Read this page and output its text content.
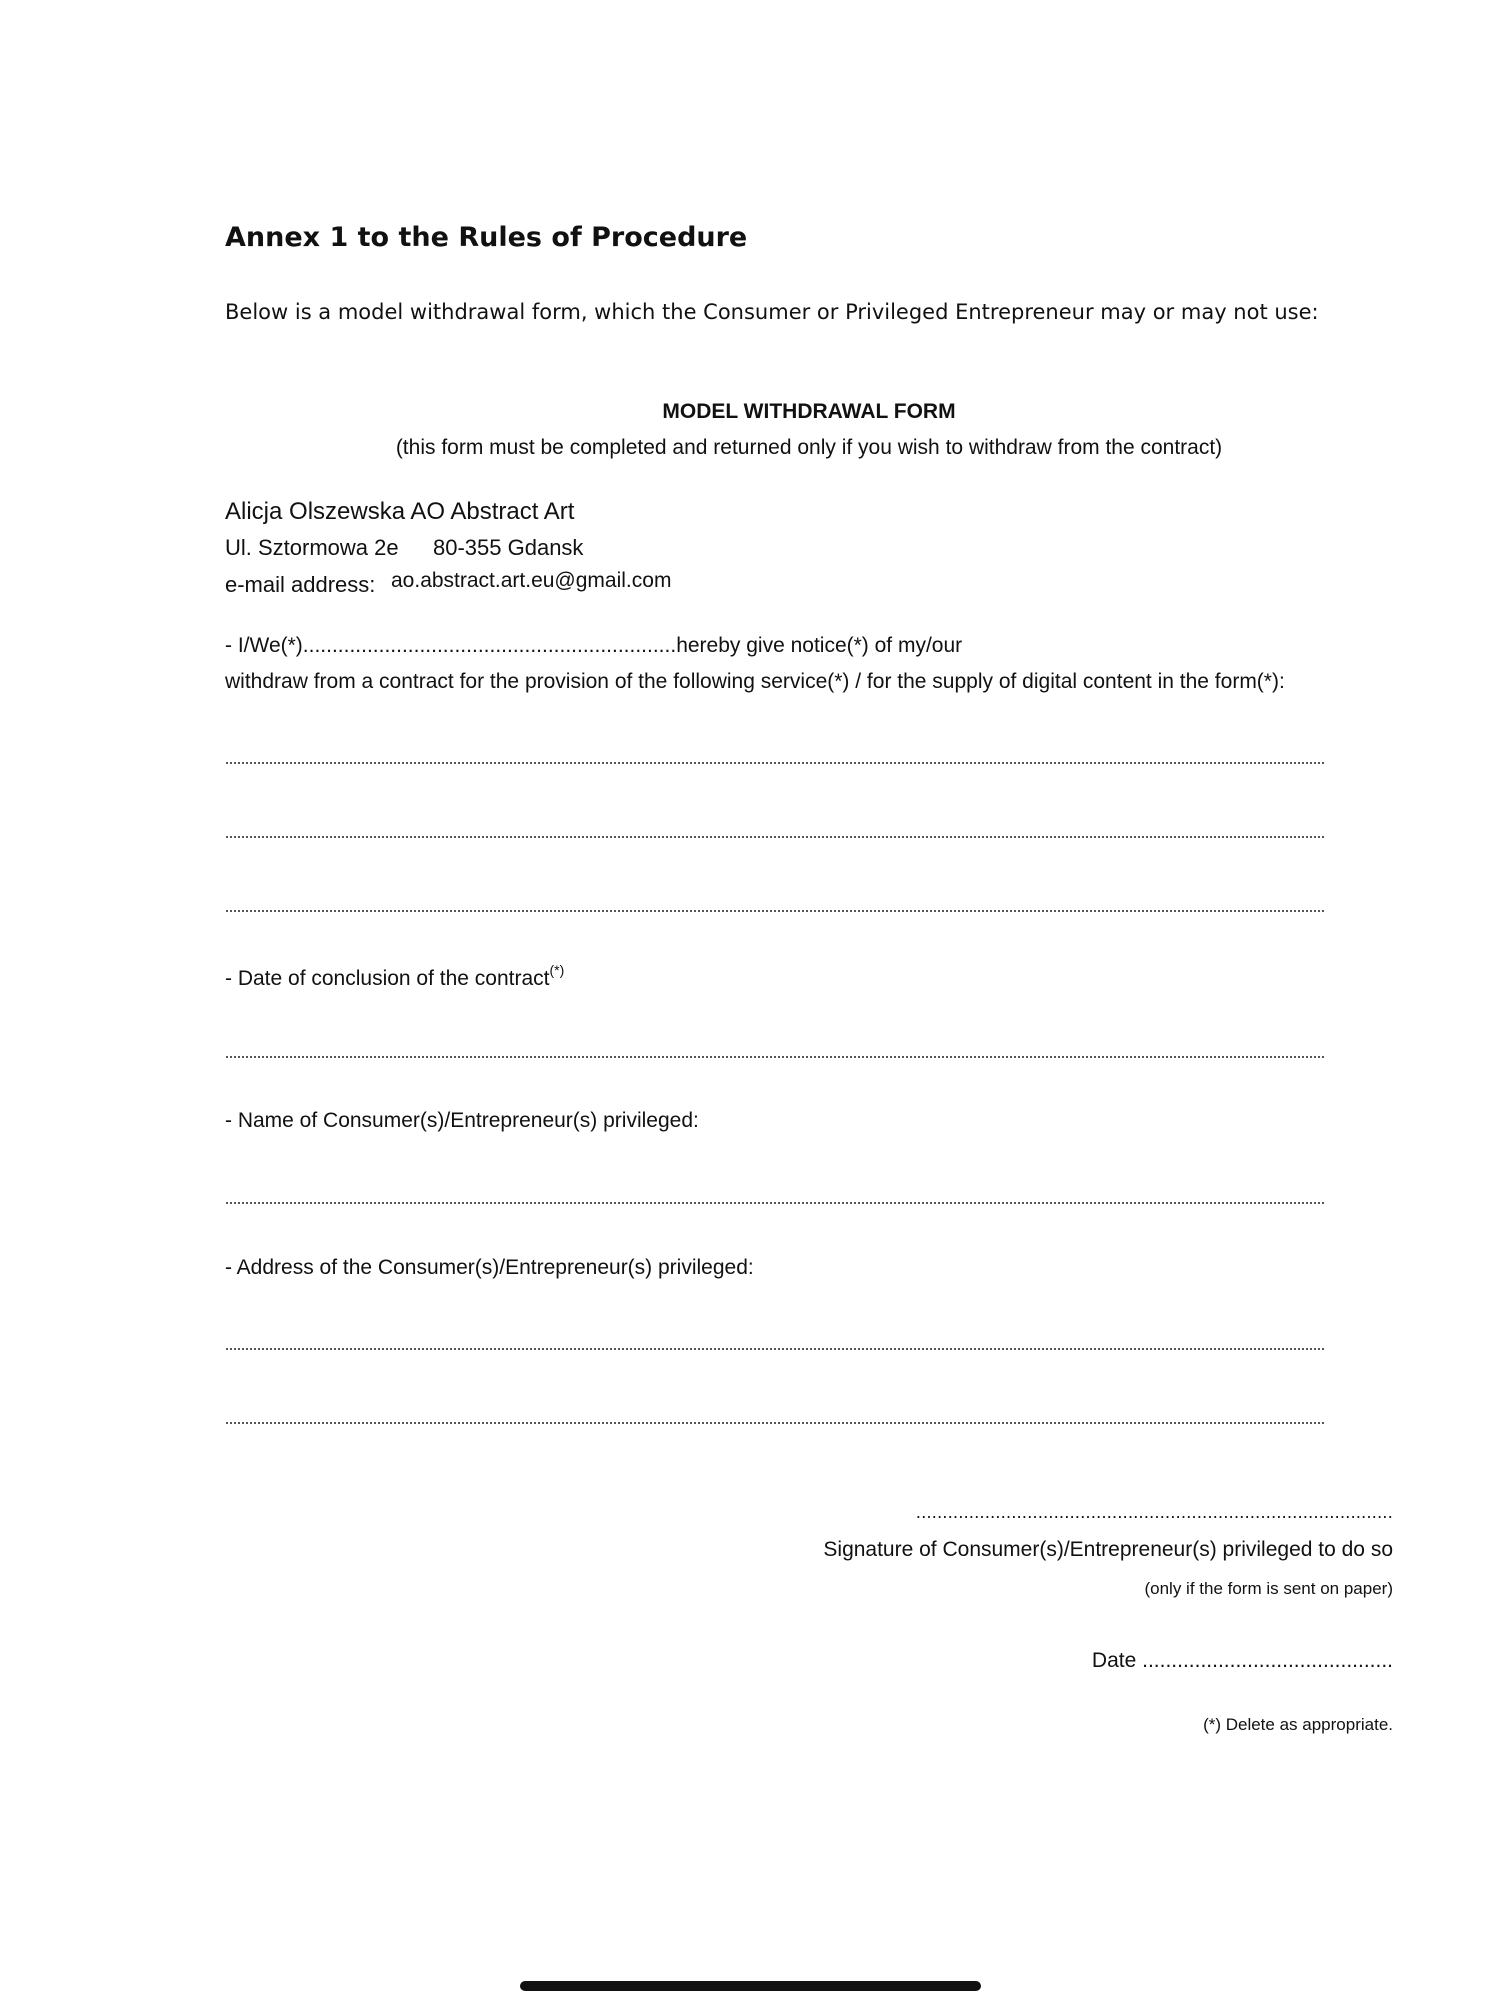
Annex 1 to the Rules of Procedure
Below is a model withdrawal form, which the Consumer or Privileged Entrepreneur may or may not use:
MODEL WITHDRAWAL FORM
(this form must be completed and returned only if you wish to withdraw from the contract)
Alicja Olszewska AO Abstract Art
Ul. Sztormowa 2e 80-355 Gdansk
e-mail address: ao.abstract.art.eu@gmail.com
- I/We(*)................................................................hereby give notice(*) of my/our
withdraw from a contract for the provision of the following service(*) / for the supply of digital content in the form(*):
- Date of conclusion of the contract(*)
- Name of Consumer(s)/Entrepreneur(s) privileged:
- Address of the Consumer(s)/Entrepreneur(s) privileged:
..........................................................................................
Signature of Consumer(s)/Entrepreneur(s) privileged to do so
(only if the form is sent on paper)
Date ...........................................
(*) Delete as appropriate.
